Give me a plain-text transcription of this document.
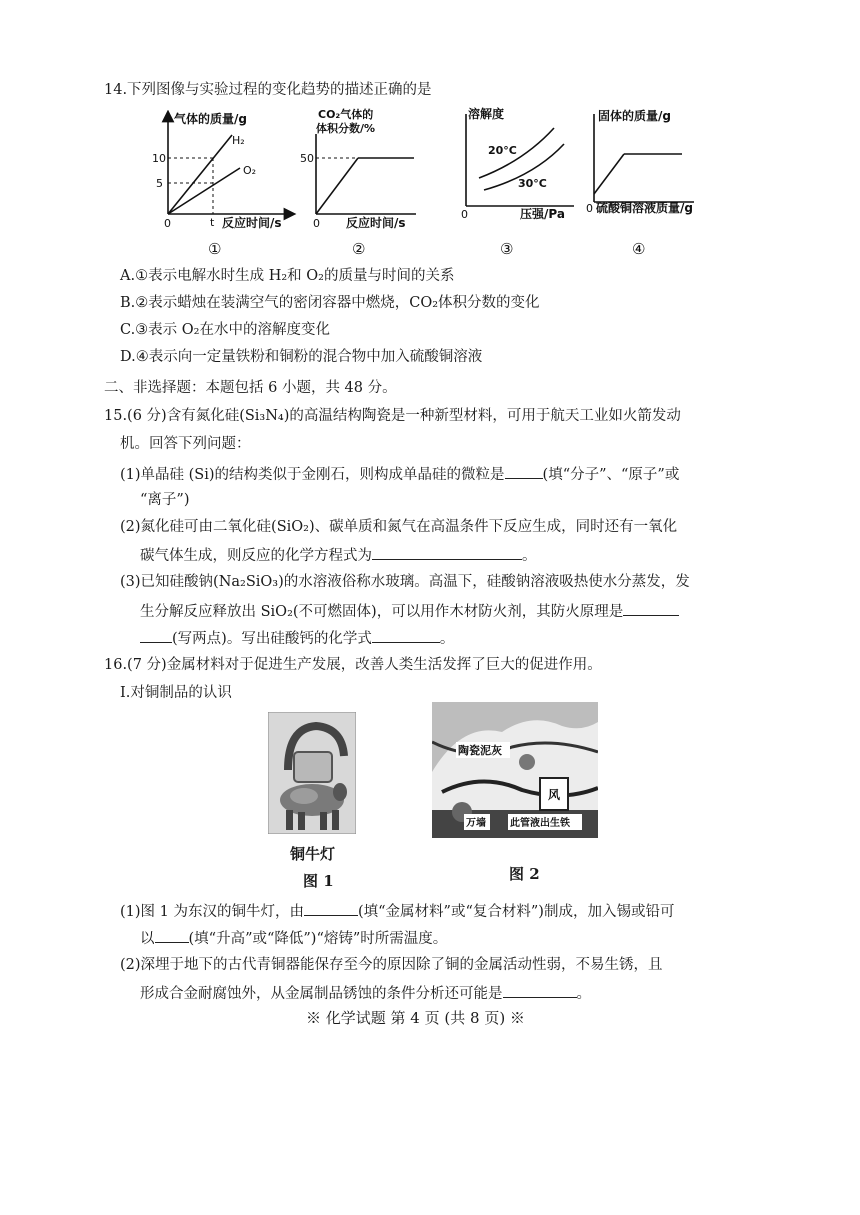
14.下列图像与实验过程的变化趋势的描述正确的是
气体的质量/g
10
5
0	t 反应时间/s
H₂
O₂
①
CO₂气体的
体积分数/%
50
0 反应时间/s
②
溶解度
20°C
30°C
0	压强/Pa
③
固体的质量/g
0 硫酸铜溶液质量/g
④
A.①表示电解水时生成 H₂和 O₂的质量与时间的关系
B.②表示蜡烛在装满空气的密闭容器中燃烧，CO₂体积分数的变化
C.③表示 O₂在水中的溶解度变化
D.④表示向一定量铁粉和铜粉的混合物中加入硫酸铜溶液
二、非选择题：本题包括 6 小题，共 48 分。
15.(6 分)含有氮化硅(Si₃N₄)的高温结构陶瓷是一种新型材料，可用于航天工业如火箭发动
机。回答下列问题：
(1)单晶硅 (Si)的结构类似于金刚石，则构成单晶硅的微粒是	(填“分子”、“原子”或
“离子”)
(2)氮化硅可由二氧化硅(SiO₂)、碳单质和氮气在高温条件下反应生成，同时还有一氧化
碳气体生成，则反应的化学方程式为	。
(3)已知硅酸钠(Na₂SiO₃)的水溶液俗称水玻璃。高温下，硅酸钠溶液吸热使水分蒸发，发
生分解反应释放出 SiO₂(不可燃固体)，可以用作木材防火剂，其防火原理是
(写两点)。写出硅酸钙的化学式	。
16.(7 分)金属材料对于促进生产发展，改善人类生活发挥了巨大的促进作用。
I.对铜制品的认识
铜牛灯
图 1
风
陶瓷泥灰
万墙 此管液出生铁
图 2
(1)图 1 为东汉的铜牛灯，由	(填“金属材料”或“复合材料”)制成，加入锡或铅可
以 (填“升高”或“降低”)“熔铸”时所需温度。
(2)深埋于地下的古代青铜器能保存至今的原因除了铜的金属活动性弱，不易生锈，且
形成合金耐腐蚀外，从金属制品锈蚀的条件分析还可能是	。
※ 化学试题 第 4 页 (共 8 页) ※
